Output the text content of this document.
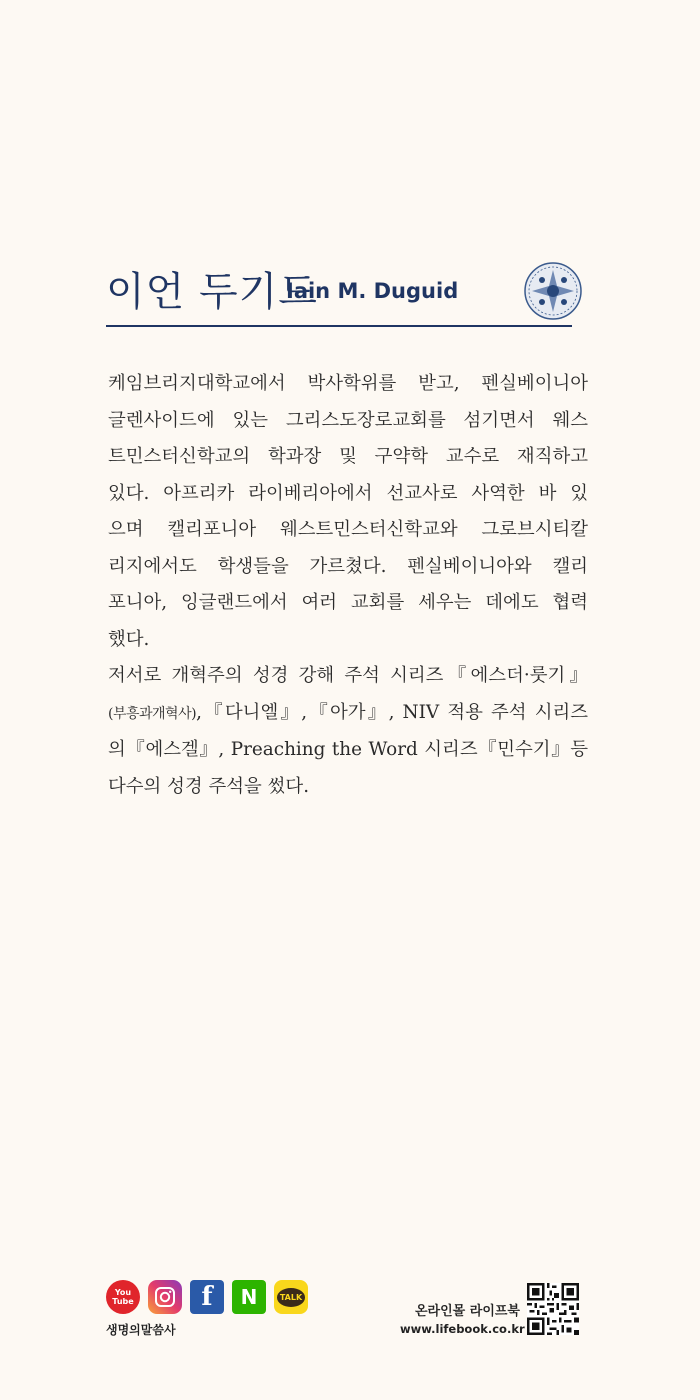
이언 두기드
Iain M. Duguid
케임브리지대학교에서 박사학위를 받고, 펜실베이니아
글렌사이드에 있는 그리스도장로교회를 섬기면서 웨스
트민스터신학교의 학과장 및 구약학 교수로 재직하고
있다. 아프리카 라이베리아에서 선교사로 사역한 바 있
으며 캘리포니아 웨스트민스터신학교와 그로브시티칼
리지에서도 학생들을 가르쳤다. 펜실베이니아와 캘리
포니아, 잉글랜드에서 여러 교회를 세우는 데에도 협력
했다.
저서로 개혁주의 성경 강해 주석 시리즈『에스더·룻기』
(부흥과개혁사),『다니엘』,『아가』, NIV 적용 주석 시리즈
의『에스겔』, Preaching the Word 시리즈『민수기』등
다수의 성경 주석을 썼다.
You Tube	f N	TALK
생명의말씀사
온라인몰 라이프북
www.lifebook.co.kr
